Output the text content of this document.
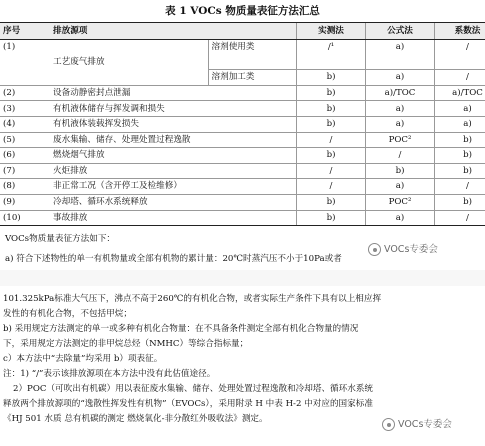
表 1 VOCs 物质量表征方法汇总
序号	排放源项		实测法	公式法	系数法
(1)		溶剂使用类	/¹	a)	/
	工艺废气排放				
		溶剂加工类	b)	a)	/
(2)	设备动静密封点泄漏		b)	a)/TOC	a)/TOC
(3)	有机液体储存与挥发调和损失		b)	a)	a)
(4)	有机液体装载挥发损失		b)	a)	a)
(5)	废水集输、储存、处理处置过程逸散		/	POC²	b)
(6)	燃烧烟气排放		b)	/	b)
(7)	火炬排放		/	b)	b)
(8)	非正常工况（含开停工及检维修）		/	a)	/
(9)	冷却塔、循环水系统释放		b)	POC²	b)
(10)	事故排放		b)	a)	/
VOCs物质量表征方法如下：
a) 符合下述物性的单一有机物量或全部有机物的累计量：20℃时蒸汽压不小于10Pa或者
VOCs专委会

101.325kPa标准大气压下，沸点不高于260℃的有机化合物，或者实际生产条件下具有以上相应挥

发性的有机化合物，不包括甲烷；

b) 采用规定方法测定的单一或多种有机化合物量：在不具备条件测定全部有机化合物量的情况

下，采用规定方法测定的非甲烷总烃（NMHC）等综合指标量；

c）本方法中“去除量”均采用 b）项表征。

注：1) “/”表示该排放源项在本方法中没有此估值途径。

2）POC（可吹出有机碳）用以表征废水集输、储存、处理处置过程逸散和冷却塔、循环水系统

释放两个排放源项的“逸散性挥发性有机物”（EVOCs），采用附录 H 中表 H-2 中对应的国家标准

《HJ 501 水质 总有机碳的测定 燃烧氧化-非分散红外吸收法》测定。	VOCs专委会
